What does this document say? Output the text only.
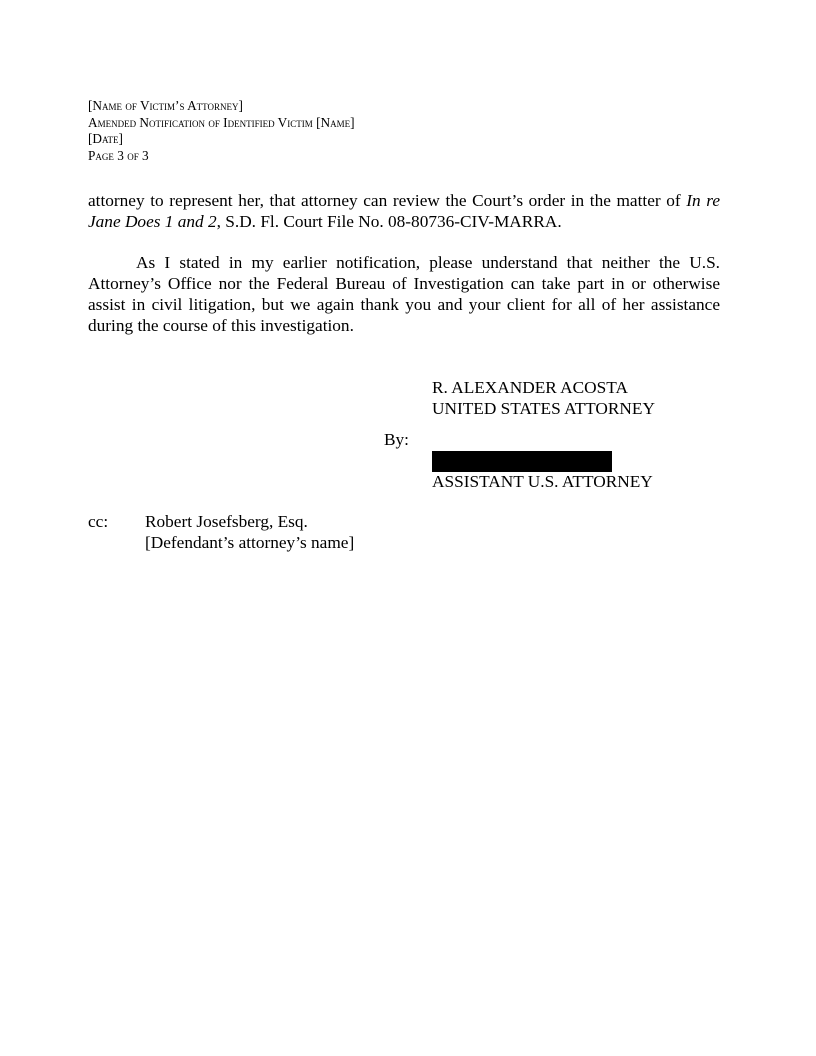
[Name of Victim’s Attorney]
Amended Notification of Identified Victim [Name]
[Date]
Page 3 of 3
attorney to represent her, that attorney can review the Court’s order in the matter of In re Jane Does 1 and 2, S.D. Fl. Court File No. 08-80736-CIV-MARRA.
As I stated in my earlier notification, please understand that neither the U.S. Attorney’s Office nor the Federal Bureau of Investigation can take part in or otherwise assist in civil litigation, but we again thank you and your client for all of her assistance during the course of this investigation.
R. ALEXANDER ACOSTA
UNITED STATES ATTORNEY
By:
ASSISTANT U.S. ATTORNEY
cc: Robert Josefsberg, Esq.
[Defendant’s attorney’s name]
